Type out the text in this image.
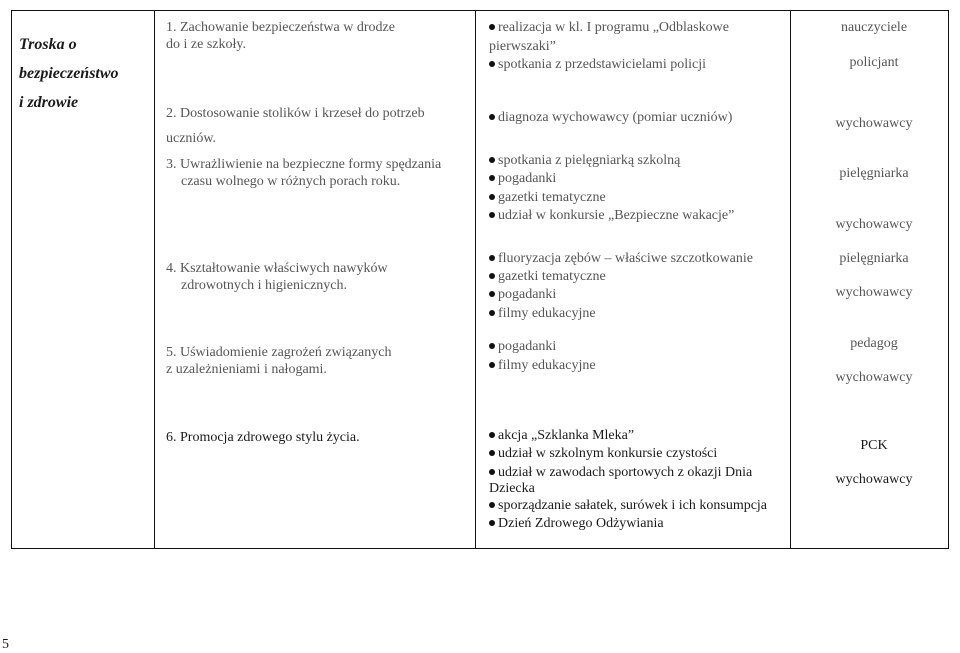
Troska o
bezpieczeństwo
i zdrowie
1. Zachowanie bezpieczeństwa w drodze
do i ze szkoły.
2. Dostosowanie stolików i krzeseł do potrzeb
uczniów.
3. Uwrażliwienie na bezpieczne formy spędzania
czasu wolnego w różnych porach roku.
4. Kształtowanie właściwych nawyków
zdrowotnych i higienicznych.
5. Uświadomienie zagrożeń związanych
z uzależnieniami i nałogami.
6. Promocja zdrowego stylu życia.
realizacja w kl. I programu „Odblaskowe
pierwszaki”
spotkania z przedstawicielami policji
diagnoza wychowawcy (pomiar uczniów)
spotkania z pielęgniarką szkolną
pogadanki
gazetki tematyczne
udział w konkursie „Bezpieczne wakacje”
fluoryzacja zębów – właściwe szczotkowanie
gazetki tematyczne
pogadanki
filmy edukacyjne
pogadanki
filmy edukacyjne
akcja „Szklanka Mleka”
udział w szkolnym konkursie czystości
udział w zawodach sportowych z okazji Dnia
Dziecka
sporządzanie sałatek, surówek i ich konsumpcja
Dzień Zdrowego Odżywiania
nauczyciele
policjant
wychowawcy
pielęgniarka
wychowawcy
pielęgniarka
wychowawcy
pedagog
wychowawcy
PCK
wychowawcy
5
